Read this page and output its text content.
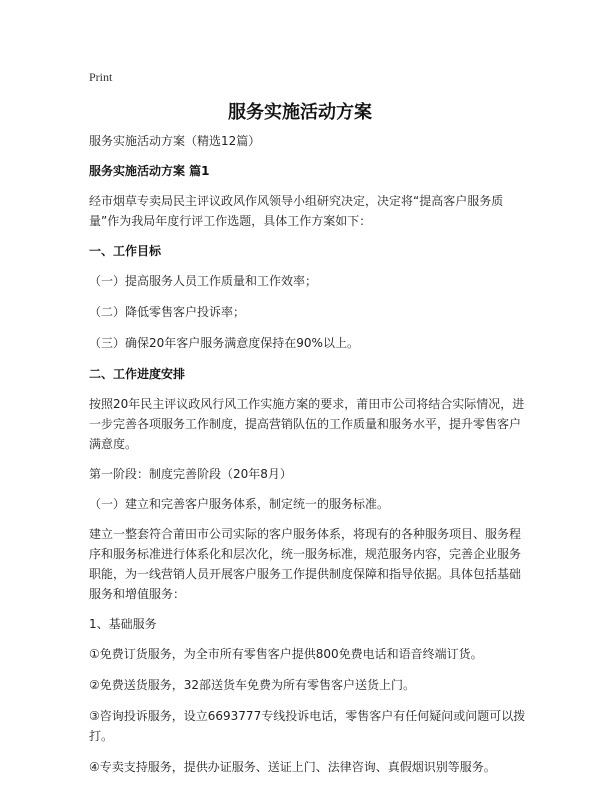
Print
服务实施活动方案

服务实施活动方案（精选12篇）

服务实施活动方案 篇1

经市烟草专卖局民主评议政风作风领导小组研究决定，决定将“提高客户服务质量”作为我局年度行评工作选题，具体工作方案如下：

一、工作目标

（一）提高服务人员工作质量和工作效率；

（二）降低零售客户投诉率；

（三）确保20年客户服务满意度保持在90%以上。

二、工作进度安排

按照20年民主评议政风行风工作实施方案的要求，莆田市公司将结合实际情况，进一步完善各项服务工作制度，提高营销队伍的工作质量和服务水平，提升零售客户满意度。

第一阶段：制度完善阶段（20年8月）

（一）建立和完善客户服务体系，制定统一的服务标准。

建立一整套符合莆田市公司实际的客户服务体系，将现有的各种服务项目、服务程序和服务标准进行体系化和层次化，统一服务标准，规范服务内容，完善企业服务职能，为一线营销人员开展客户服务工作提供制度保障和指导依据。具体包括基础服务和增值服务：

1、基础服务

①免费订货服务，为全市所有零售客户提供800免费电话和语音终端订货。

②免费送货服务，32部送货车免费为所有零售客户送货上门。

③咨询投诉服务，设立6693777专线投诉电话，零售客户有任何疑问或问题可以拨打。

④专卖支持服务，提供办证服务、送证上门、法律咨询、真假烟识别等服务。
